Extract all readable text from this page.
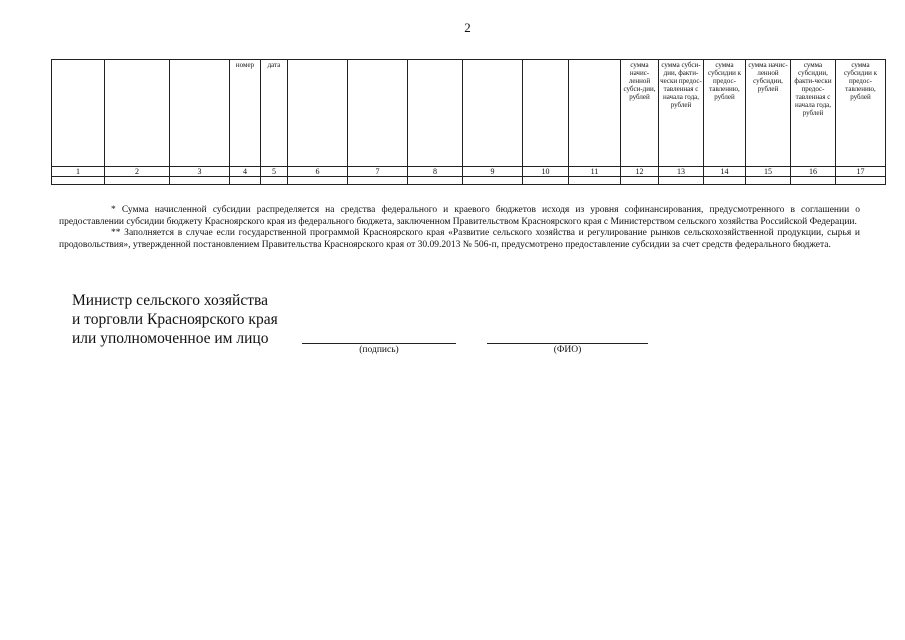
2
			номер	дата							сумма начис-ленной субси-дии, рублей	сумма субси-дии, факти-чески предос-тавленная с начала года, рублей	сумма субсидии к предос-тавлению, рублей	сумма начис-ленной субсидии, рублей	сумма субсидии, факти-чески предос-тавленная с начала года, рублей	сумма субсидии к предос-тавлению, рублей
1	2	3	4	5	6	7	8	9	10	11	12	13	14	15	16	17

* Сумма начисленной субсидии распределяется на средства федерального и краевого бюджетов исходя из уровня софинансирования, предусмотренного в соглашении о предоставлении субсидии бюджету Красноярского края из федерального бюджета, заключенном Правительством Красноярского края с Министерством сельского хозяйства Российской Федерации.

** Заполняется в случае если государственной программой Красноярского края «Развитие сельского хозяйства и регулирование рынков сельскохозяйственной продукции, сырья и продовольствия», утвержденной постановлением Правительства Красноярского края от 30.09.2013 № 506-п, предусмотрено предоставление субсидии за счет средств федерального бюджета.

Министр сельского хозяйства
и торговли Красноярского края
или уполномоченное им лицо
(подпись)	(ФИО)
